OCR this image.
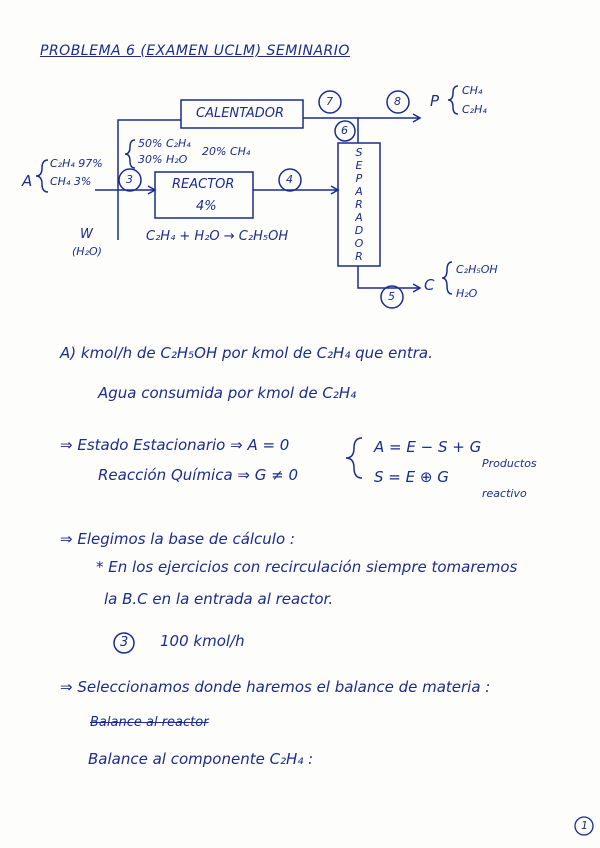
PROBLEMA 6 (EXAMEN UCLM) SEMINARIO
CALENTADOR
REACTOR
4%
S
E
P
A
R
A
D
O
R
3	4
5
6
7	8
A
C₂H₄ 97%
CH₄ 3%
50% C₂H₄
30% H₂O
20% CH₄
W
(H₂O)
C₂H₄ + H₂O → C₂H₅OH
P
CH₄
C₂H₄
C
C₂H₅OH
H₂O
A) kmol/h de C₂H₅OH por kmol de C₂H₄ que entra.
Agua consumida por kmol de C₂H₄
⇒ Estado Estacionario ⇒ A = 0
Reacción Química ⇒ G ≠ 0
A = E − S + G
S = E ⊕ G
Productos
reactivo
⇒ Elegimos la base de cálculo :
* En los ejercicios con recirculación siempre tomaremos
la B.C en la entrada al reactor.
3 100 kmol/h
⇒ Seleccionamos donde haremos el balance de materia :
Balance al reactor
Balance al componente C₂H₄ :
1
